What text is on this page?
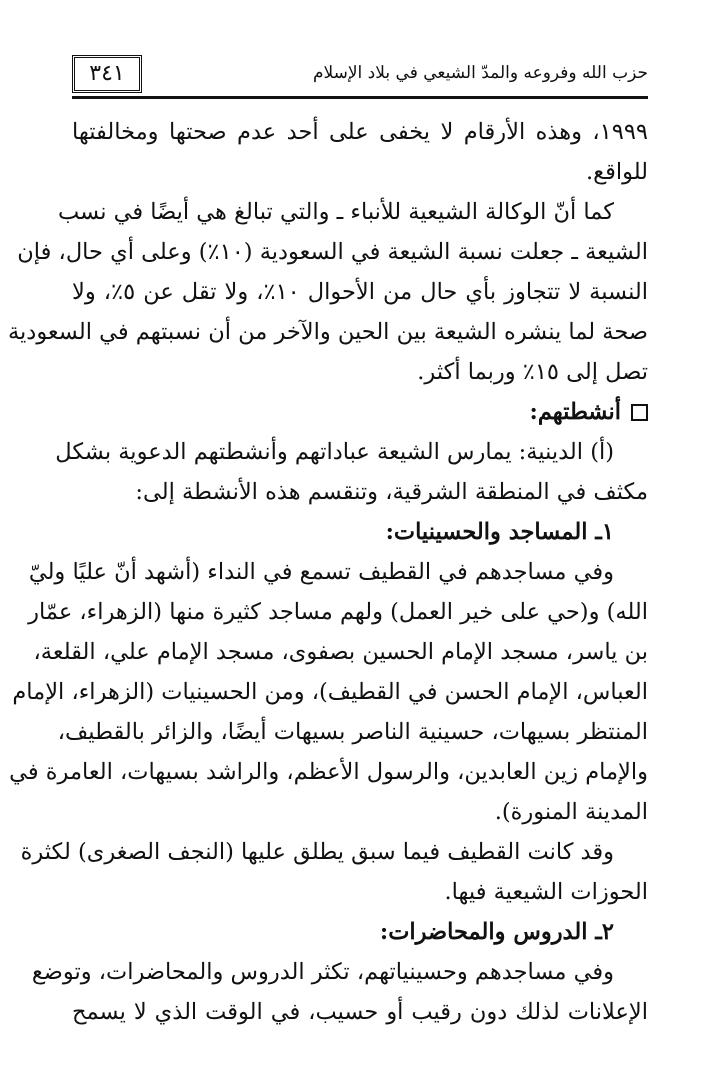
حزب الله وفروعه والمدّ الشيعي في بلاد الإسلام
٣٤١
١٩٩٩، وهذه الأرقام لا يخفى على أحد عدم صحتها ومخالفتها
للواقع.
كما أنّ الوكالة الشيعية للأنباء ـ والتي تبالغ هي أيضًا في نسب
الشيعة ـ جعلت نسبة الشيعة في السعودية (١٠٪) وعلى أي حال، فإن
النسبة لا تتجاوز بأي حال من الأحوال ١٠٪، ولا تقل عن ٥٪، ولا
صحة لما ينشره الشيعة بين الحين والآخر من أن نسبتهم في السعودية
تصل إلى ١٥٪ وربما أكثر.
أنشطتهم:
(أ) الدينية: يمارس الشيعة عباداتهم وأنشطتهم الدعوية بشكل
مكثف في المنطقة الشرقية، وتنقسم هذه الأنشطة إلى:
١ـ المساجد والحسينيات:
وفي مساجدهم في القطيف تسمع في النداء (أشهد أنّ عليًا وليّ
الله) و(حي على خير العمل) ولهم مساجد كثيرة منها (الزهراء، عمّار
بن ياسر، مسجد الإمام الحسين بصفوى، مسجد الإمام علي، القلعة،
العباس، الإمام الحسن في القطيف)، ومن الحسينيات (الزهراء، الإمام
المنتظر بسيهات، حسينية الناصر بسيهات أيضًا، والزائر بالقطيف،
والإمام زين العابدين، والرسول الأعظم، والراشد بسيهات، العامرة في
المدينة المنورة).
وقد كانت القطيف فيما سبق يطلق عليها (النجف الصغرى) لكثرة
الحوزات الشيعية فيها.
٢ـ الدروس والمحاضرات:
وفي مساجدهم وحسينياتهم، تكثر الدروس والمحاضرات، وتوضع
الإعلانات لذلك دون رقيب أو حسيب، في الوقت الذي لا يسمح
